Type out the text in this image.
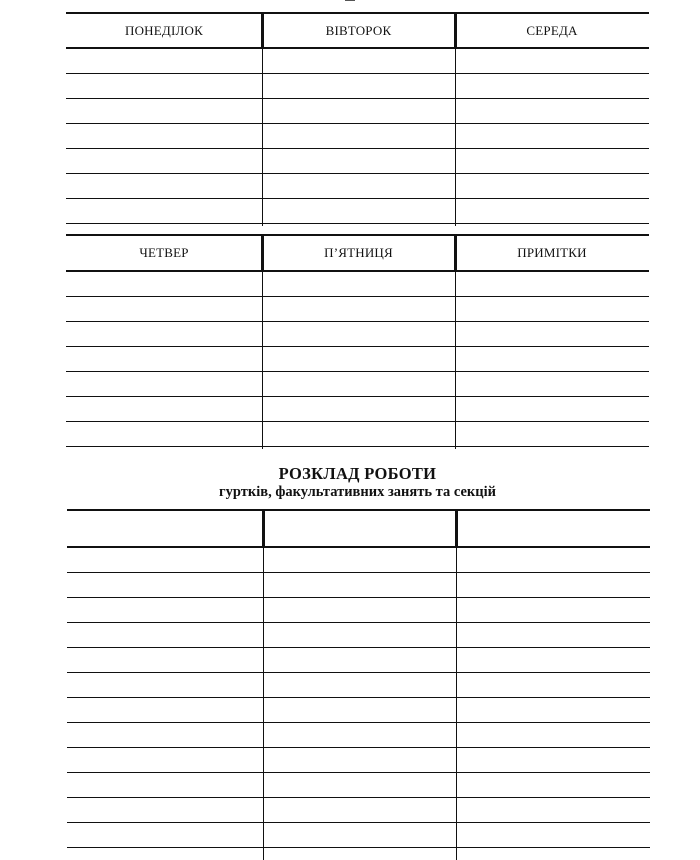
ПОНЕДІЛОК	ВІВТОРОК	СЕРЕДА
ЧЕТВЕР	П’ЯТНИЦЯ	ПРИМІТКИ
РОЗКЛАД РОБОТИ
гуртків, факультативних занять та секцій
